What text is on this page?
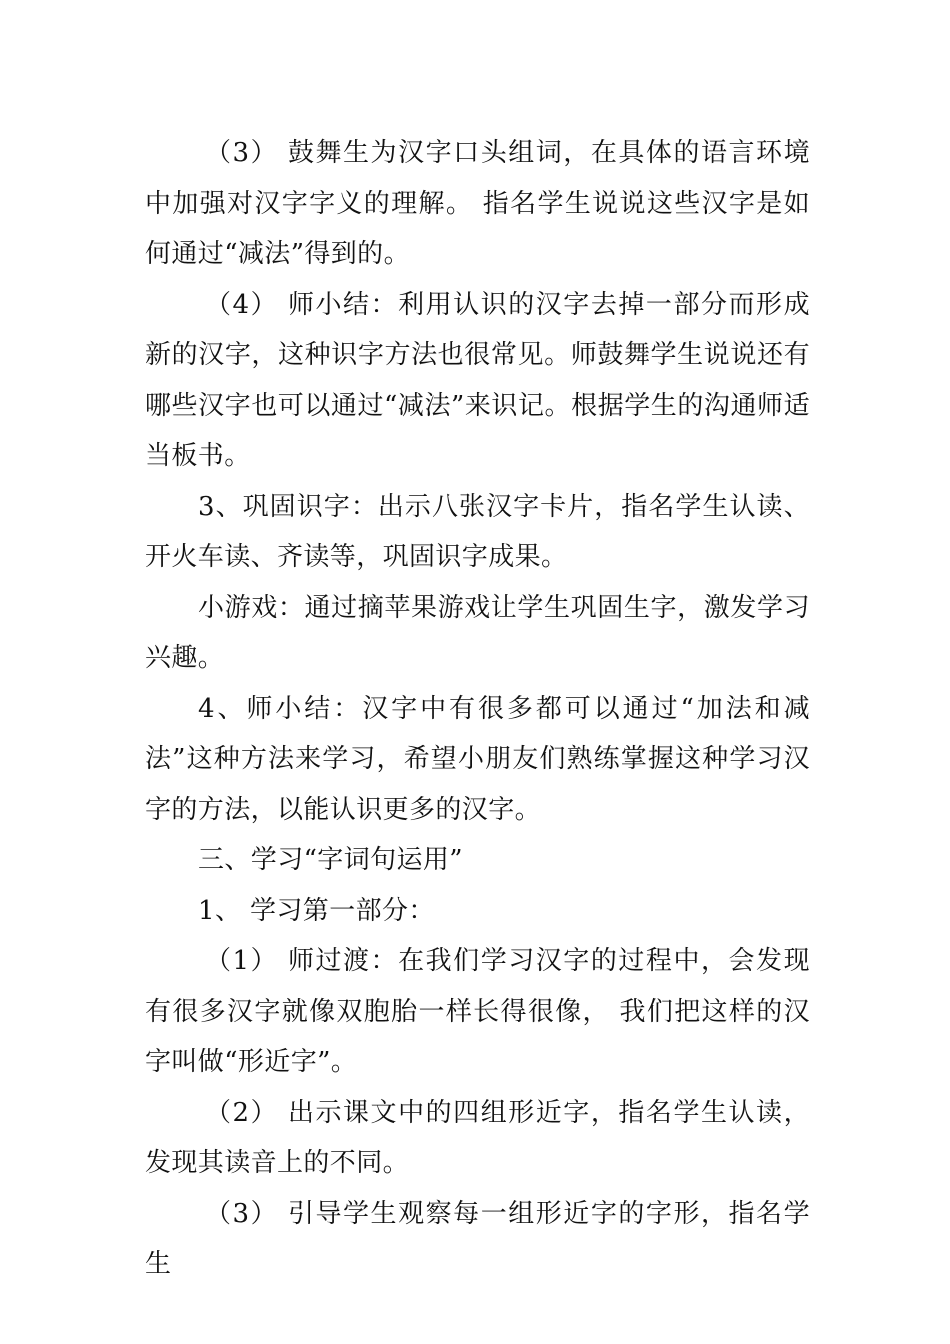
（3） 鼓舞生为汉字口头组词，在具体的语言环境中加强对汉字字义的理解。 指名学生说说这些汉字是如何通过“减法”得到的。

（4） 师小结：利用认识的汉字去掉一部分而形成新的汉字，这种识字方法也很常见。师鼓舞学生说说还有哪些汉字也可以通过“减法”来识记。根据学生的沟通师适当板书。

3、巩固识字：出示八张汉字卡片，指名学生认读、开火车读、齐读等，巩固识字成果。

小游戏：通过摘苹果游戏让学生巩固生字，激发学习兴趣。

4、师小结：汉字中有很多都可以通过“加法和减法”这种方法来学习，希望小朋友们熟练掌握这种学习汉字的方法，以能认识更多的汉字。

三、学习“字词句运用”

1、 学习第一部分：

（1） 师过渡：在我们学习汉字的过程中，会发现有很多汉字就像双胞胎一样长得很像， 我们把这样的汉字叫做“形近字”。

（2） 出示课文中的四组形近字，指名学生认读，发现其读音上的不同。

（3） 引导学生观察每一组形近字的字形，指名学生
